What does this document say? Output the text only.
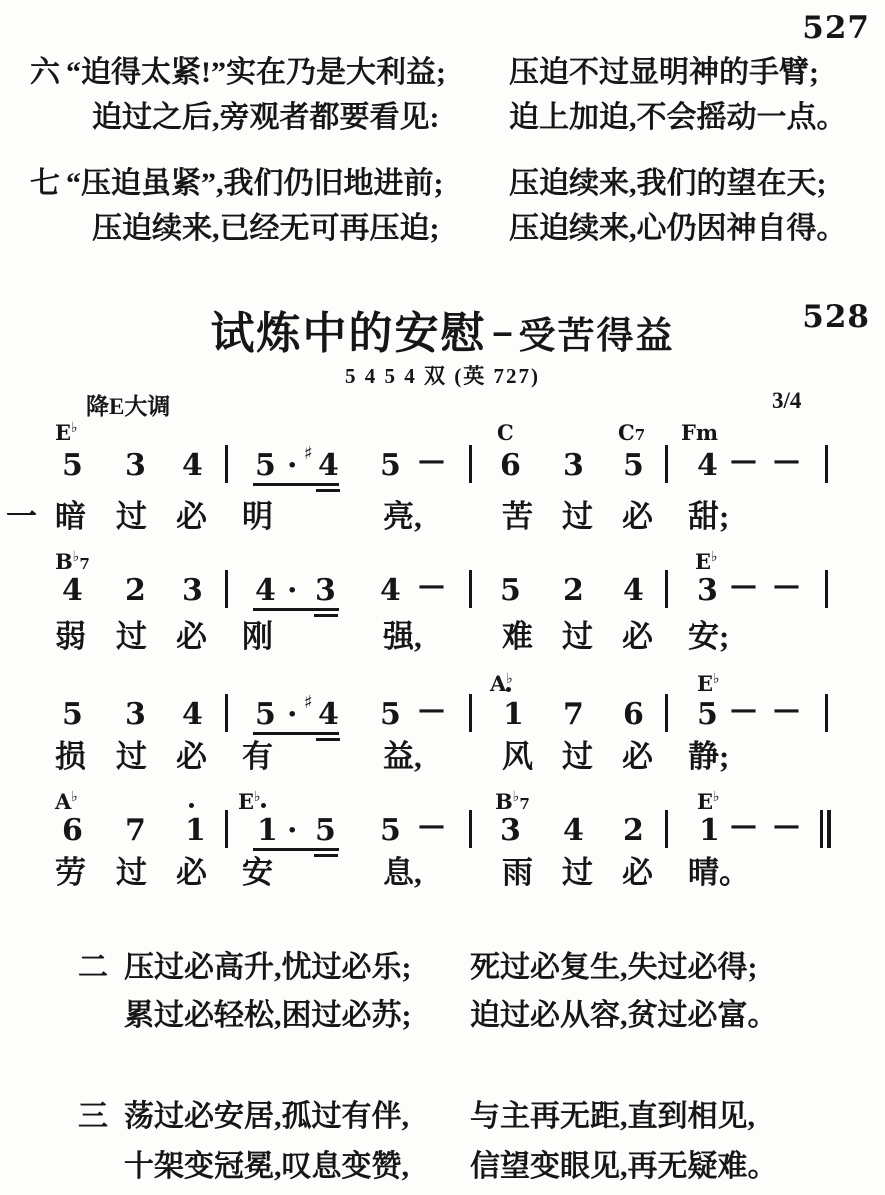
527
六 “迫得太紧!”实在乃是大利益; 压迫不过显明神的手臂;
迫过之后,旁观者都要看见: 迫上加迫,不会摇动一点。
七 “压迫虽紧”,我们仍旧地进前; 压迫续来,我们的望在天;
压迫续来,已经无可再压迫; 压迫续来,心仍因神自得。
528
试炼中的安慰 – 受苦得益
5 4 5 4 双 (英 727)
降E大调	3/4
E♭	C	C7 Fm
5 3 4 5 · ♯ 4 5 — 6 3 5 4 — —
一 暗 过 必 明	亮,	苦 过 必 甜;
B♭7	E♭
4 2 3 4 · 3 4 — 5 2 4 3 — —
弱 过 必 刚	强,	难 过 必 安;
A♭	E♭
5 3 4 5 · ♯ 4 5 — 1 7 6 5 — —
损 过 必 有	益,	风 过 必 静;
A♭	E♭	B♭7	E♭
6 7 1 1 · 5 5 — 3 4 2 1 — —
劳 过 必 安	息,	雨 过 必 晴。
二 压过必高升,忧过必乐; 死过必复生,失过必得;
累过必轻松,困过必苏; 迫过必从容,贫过必富。
三 荡过必安居,孤过有伴, 与主再无距,直到相见,
十架变冠冕,叹息变赞, 信望变眼见,再无疑难。
